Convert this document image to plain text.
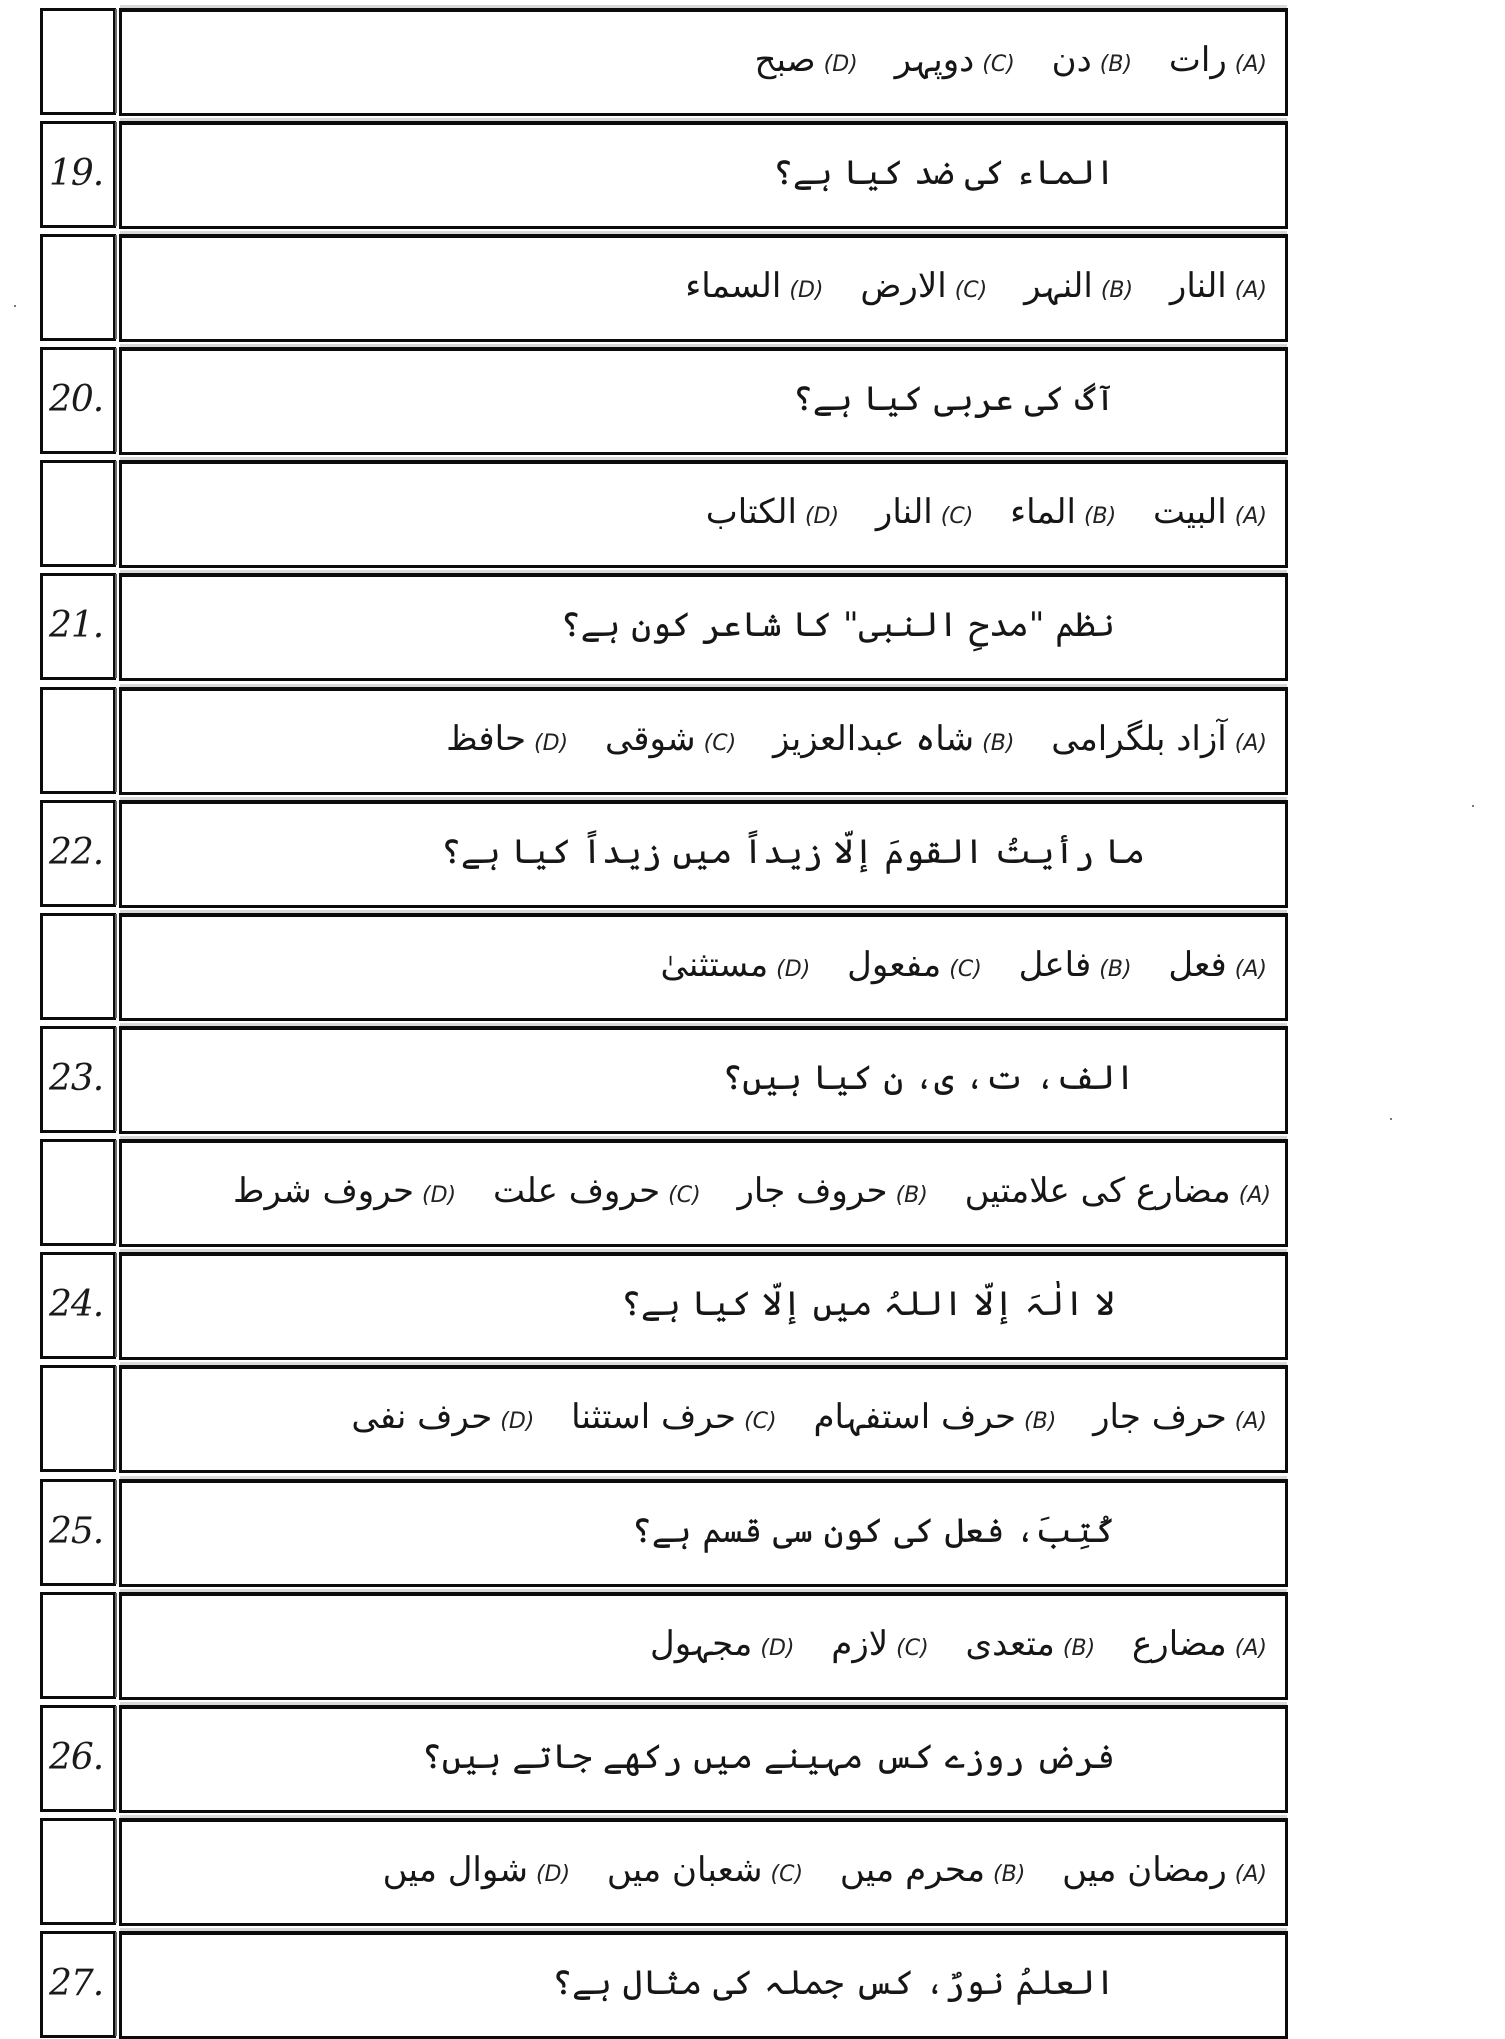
(A)رات (B)دن (C)دوپہر (D)صبح
19.	الماء کی ضد کیا ہے؟
(A)النار (B)النہر (C)الارض (D)السماء
20.	آگ کی عربی کیا ہے؟
(A)البیت (B)الماء (C)النار (D)الکتاب
21.	نظم "مدحِ النبی" کا شاعر کون ہے؟
(A)آزاد بلگرامی (B)شاہ عبدالعزیز (C)شوقی (D)حافظ
22.	ما رأیتُ القومَ إلّا زیداً میں زیداً کیا ہے؟
(A)فعل (B)فاعل (C)مفعول (D)مستثنیٰ
23.	الف، ت، ی، ن کیا ہیں؟
(A)مضارع کی علامتیں (B)حروف جار (C)حروف علت (D)حروف شرط
24.	لا الٰہَ إلّا اللہُ میں إلّا کیا ہے؟
(A)حرف جار (B)حرف استفہام (C)حرف استثنا (D)حرف نفی
25.	کُتِبَ، فعل کی کون سی قسم ہے؟
(A)مضارع (B)متعدی (C)لازم (D)مجہول
26.	فرض روزے کس مہینے میں رکھے جاتے ہیں؟
(A)رمضان میں (B)محرم میں (C)شعبان میں (D)شوال میں
27.	العلمُ نورٌ، کس جملہ کی مثال ہے؟
